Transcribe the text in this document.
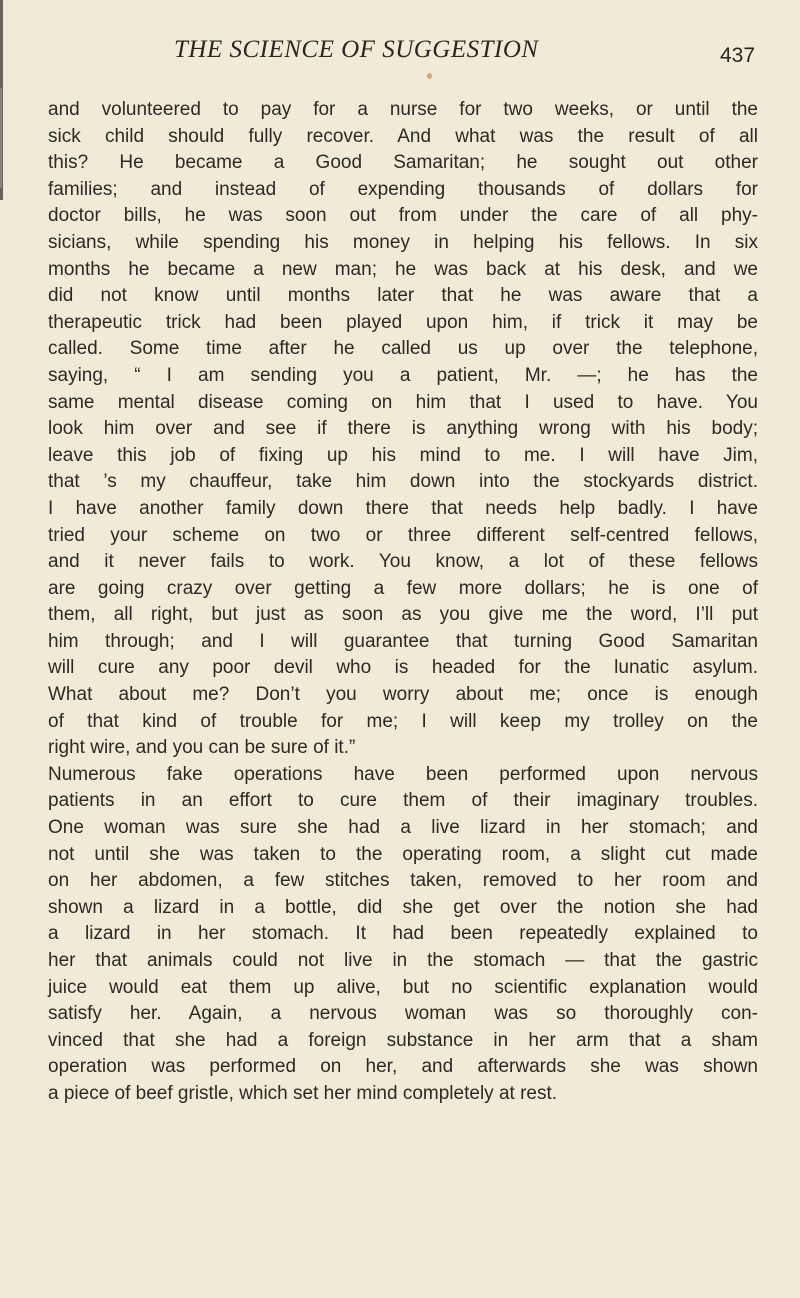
THE SCIENCE OF SUGGESTION	437
and volunteered to pay for a nurse for two weeks, or until the
sick child should fully recover. And what was the result of all
this? He became a Good Samaritan; he sought out other
families; and instead of expending thousands of dollars for
doctor bills, he was soon out from under the care of all phy-
sicians, while spending his money in helping his fellows. In six
months he became a new man; he was back at his desk, and we
did not know until months later that he was aware that a
therapeutic trick had been played upon him, if trick it may be
called. Some time after he called us up over the telephone,
saying, “ I am sending you a patient, Mr. —; he has the
same mental disease coming on him that I used to have. You
look him over and see if there is anything wrong with his body;
leave this job of fixing up his mind to me. I will have Jim,
that ’s my chauffeur, take him down into the stockyards district.
I have another family down there that needs help badly. I have
tried your scheme on two or three different self-centred fellows,
and it never fails to work. You know, a lot of these fellows
are going crazy over getting a few more dollars; he is one of
them, all right, but just as soon as you give me the word, I’ll put
him through; and I will guarantee that turning Good Samaritan
will cure any poor devil who is headed for the lunatic asylum.
What about me? Don’t you worry about me; once is enough
of that kind of trouble for me; I will keep my trolley on the
right wire, and you can be sure of it.”
Numerous fake operations have been performed upon nervous
patients in an effort to cure them of their imaginary troubles.
One woman was sure she had a live lizard in her stomach; and
not until she was taken to the operating room, a slight cut made
on her abdomen, a few stitches taken, removed to her room and
shown a lizard in a bottle, did she get over the notion she had
a lizard in her stomach. It had been repeatedly explained to
her that animals could not live in the stomach — that the gastric
juice would eat them up alive, but no scientific explanation would
satisfy her. Again, a nervous woman was so thoroughly con-
vinced that she had a foreign substance in her arm that a sham
operation was performed on her, and afterwards she was shown
a piece of beef gristle, which set her mind completely at rest.
